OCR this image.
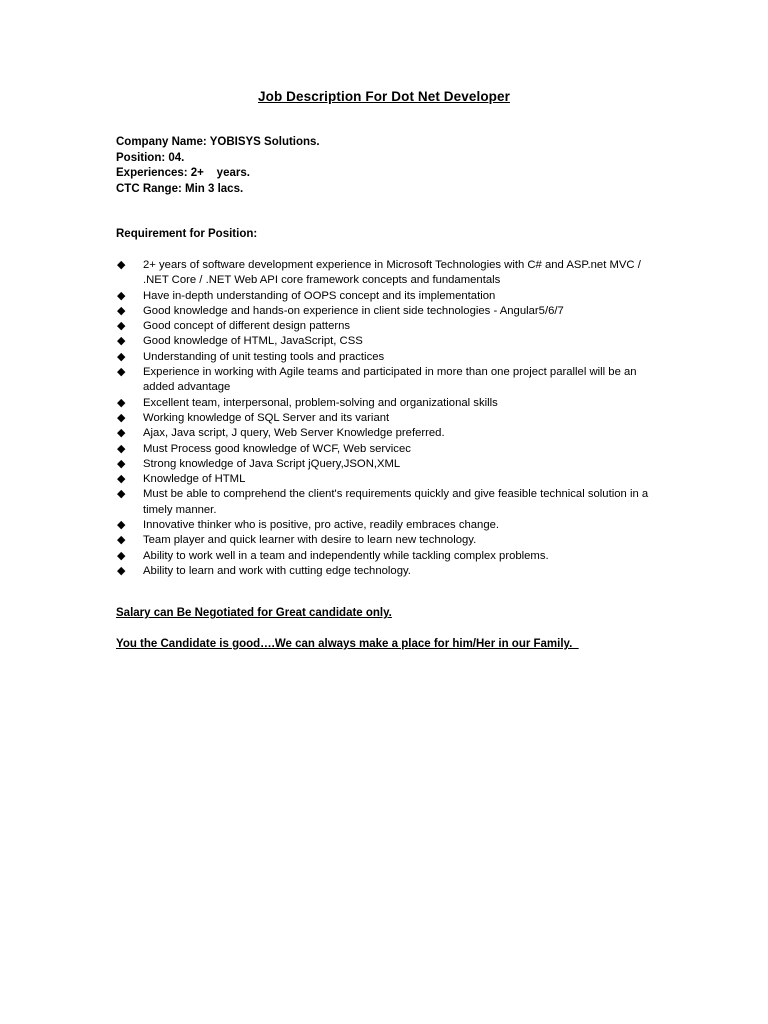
Job Description For Dot Net Developer
Company Name: YOBISYS Solutions.
Position: 04.
Experiences: 2+    years.
CTC Range: Min 3 lacs.
Requirement for Position:
◆ 2+ years of software development experience in Microsoft Technologies with C# and ASP.net MVC / .NET Core / .NET Web API core framework concepts and fundamentals
◆ Have in-depth understanding of OOPS concept and its implementation
◆ Good knowledge and hands-on experience in client side technologies - Angular5/6/7
◆ Good concept of different design patterns
◆ Good knowledge of HTML, JavaScript, CSS
◆ Understanding of unit testing tools and practices
◆ Experience in working with Agile teams and participated in more than one project parallel will be an added advantage
◆ Excellent team, interpersonal, problem-solving and organizational skills
◆ Working knowledge of SQL Server and its variant
◆ Ajax, Java script, J query, Web Server Knowledge preferred.
◆ Must Process good knowledge of WCF, Web servicec
◆ Strong knowledge of Java Script jQuery,JSON,XML
◆ Knowledge of HTML
◆ Must be able to comprehend the client's requirements quickly and give feasible technical solution in a timely manner.
◆ Innovative thinker who is positive, pro active, readily embraces change.
◆ Team player and quick learner with desire to learn new technology.
◆ Ability to work well in a team and independently while tackling complex problems.
◆ Ability to learn and work with cutting edge technology.
Salary can Be Negotiated for Great candidate only.
You the Candidate is good….We can always make a place for him/Her in our Family.
